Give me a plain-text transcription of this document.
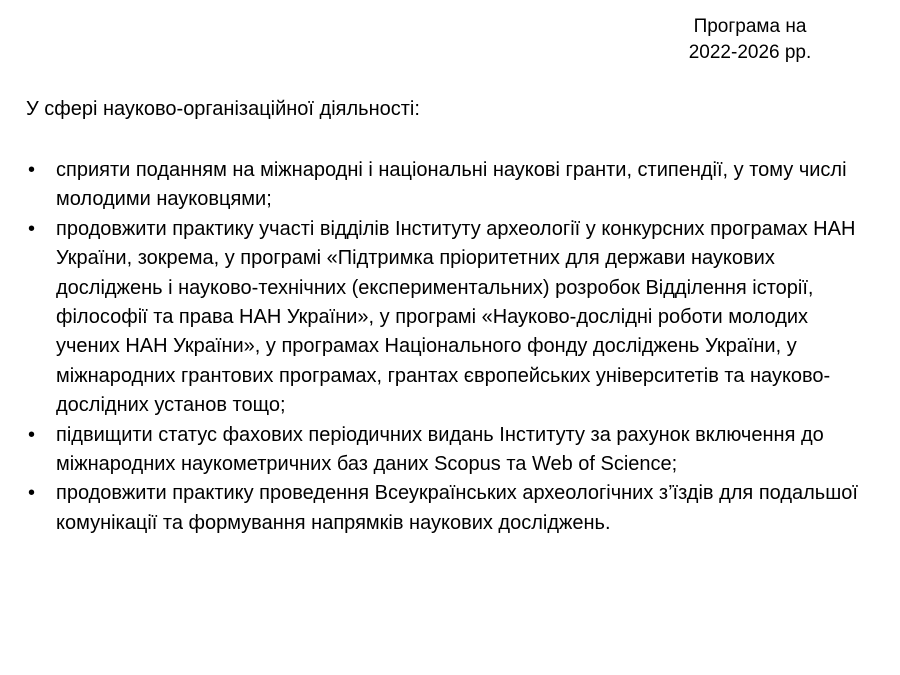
Програма на
2022-2026 рр.
У сфері науково-організаційної діяльності:
•	сприяти поданням на міжнародні і національні наукові гранти, стипендії, у тому числі молодими науковцями;
•	продовжити практику участі відділів Інституту археології у конкурсних програмах НАН України, зокрема, у програмі «Підтримка пріоритетних для держави наукових досліджень і науково-технічних (експериментальних) розробок Відділення історії, філософії та права НАН України», у програмі «Науково-дослідні роботи молодих учених НАН України», у програмах Національного фонду досліджень України, у міжнародних грантових програмах, грантах європейських університетів та науково-дослідних установ тощо;
•	підвищити статус фахових періодичних видань Інституту за рахунок включення до міжнародних наукометричних баз даних Scopus та Web of Science;
•	продовжити практику проведення Всеукраїнських археологічних з’їздів для подальшої комунікації та формування напрямків наукових досліджень.
